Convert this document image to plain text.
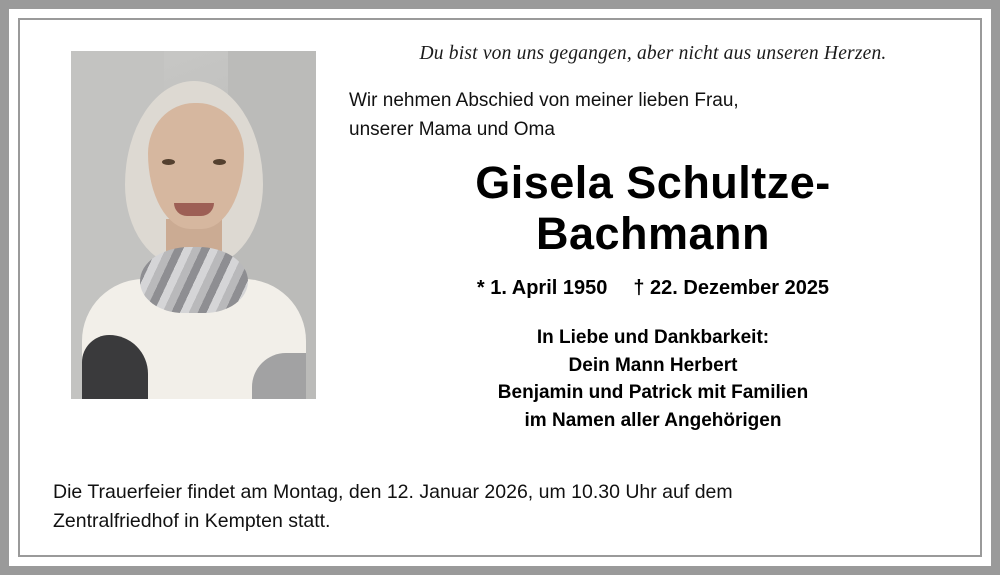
Du bist von uns gegangen, aber nicht aus unseren Herzen.

Wir nehmen Abschied von meiner lieben Frau,
unserer Mama und Oma

Gisela Schultze-
Bachmann
* 1. April 1950 † 22. Dezember 2025
In Liebe und Dankbarkeit:
Dein Mann Herbert
Benjamin und Patrick mit Familien
im Namen aller Angehörigen
Die Trauerfeier findet am Montag, den 12. Januar 2026, um 10.30 Uhr auf dem
Zentralfriedhof in Kempten statt.
